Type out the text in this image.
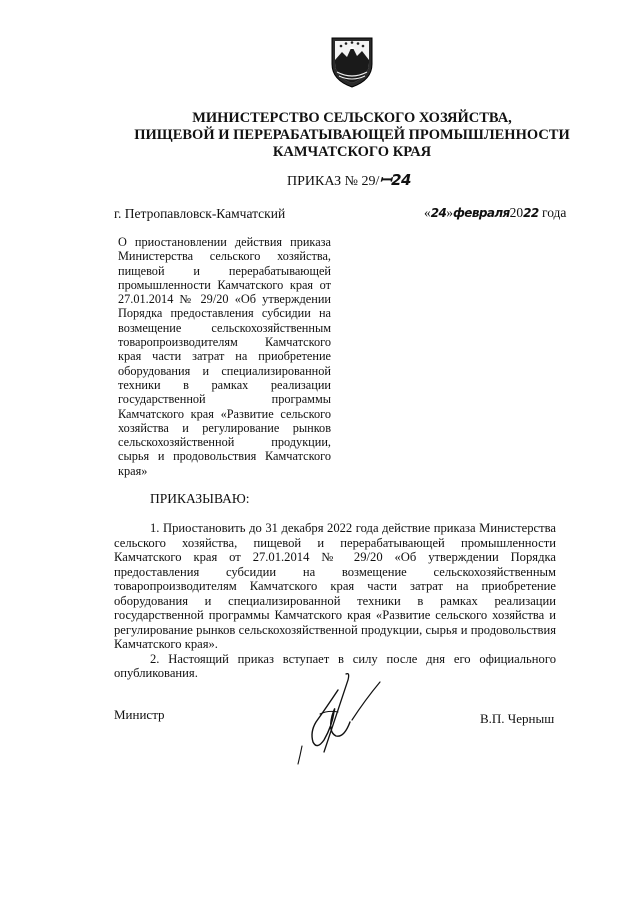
МИНИСТЕРСТВО СЕЛЬСКОГО ХОЗЯЙСТВА,
ПИЩЕВОЙ И ПЕРЕРАБАТЫВАЮЩЕЙ ПРОМЫШЛЕННОСТИ
КАМЧАТСКОГО КРАЯ
ПРИКАЗ № 29/ꟷ24
г. Петропавловск-Камчатский	«24»февраля2022 года
О приостановлении действия приказа Министерства сельского хозяйства, пищевой и перерабатывающей промышленности Камчатского края от 27.01.2014 № 29/20 «Об утверждении Порядка предоставления субсидии на возмещение сельскохозяйственным товаропроизводителям Камчатского края части затрат на приобретение оборудования и специализированной техники в рамках реализации государственной программы Камчатского края «Развитие сельского хозяйства и регулирование рынков сельскохозяйственной продукции, сырья и продовольствия Камчатского края»
ПРИКАЗЫВАЮ:

1. Приостановить до 31 декабря 2022 года действие приказа Министерства сельского хозяйства, пищевой и перерабатывающей промышленности Камчатского края от 27.01.2014 № 29/20 «Об утверждении Порядка предоставления субсидии на возмещение сельскохозяйственным товаропроизводителям Камчатского края части затрат на приобретение оборудования и специализированной техники в рамках реализации государственной программы Камчатского края «Развитие сельского хозяйства и регулирование рынков сельскохозяйственной продукции, сырья и продовольствия Камчатского края».

2. Настоящий приказ вступает в силу после дня его официального опубликования.

Министр	В.П. Черныш
